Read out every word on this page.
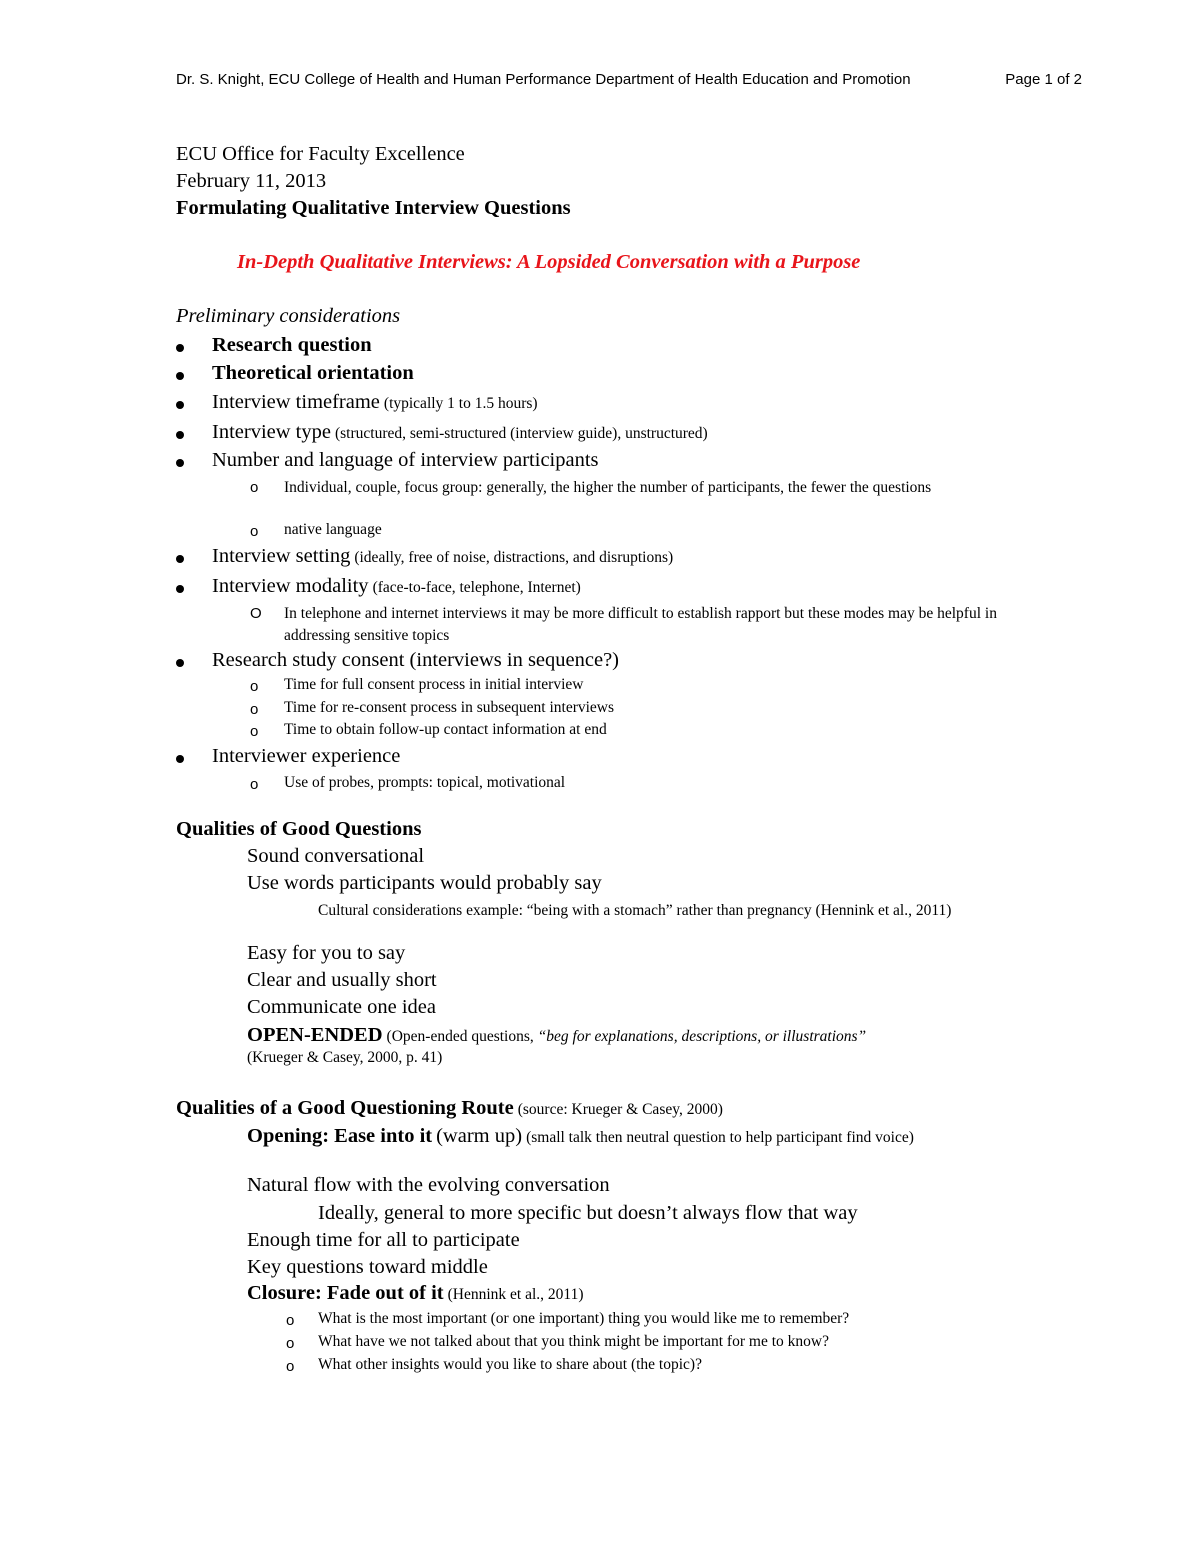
Dr. S. Knight, ECU College of Health and Human Performance Department of Health Education and Promotion	Page 1 of 2
ECU Office for Faculty Excellence
February 11, 2013
Formulating Qualitative Interview Questions
In-Depth Qualitative Interviews: A Lopsided Conversation with a Purpose
Preliminary considerations
Research question
Theoretical orientation
Interview timeframe (typically 1 to 1.5 hours)
Interview type (structured, semi-structured (interview guide), unstructured)
Number and language of interview participants
o Individual, couple, focus group: generally, the higher the number of participants, the fewer the questions
o native language
Interview setting (ideally, free of noise, distractions, and disruptions)
Interview modality (face-to-face, telephone, Internet)
O In telephone and internet interviews it may be more difficult to establish rapport but these modes may be helpful in addressing sensitive topics
Research study consent (interviews in sequence?)
o Time for full consent process in initial interview
o Time for re-consent process in subsequent interviews
o Time to obtain follow-up contact information at end
Interviewer experience
o Use of probes, prompts: topical, motivational
Qualities of Good Questions
Sound conversational
Use words participants would probably say
Cultural considerations example: “being with a stomach” rather than pregnancy (Hennink et al., 2011)
Easy for you to say
Clear and usually short
Communicate one idea
OPEN-ENDED (Open-ended questions, “beg for explanations, descriptions, or illustrations”
(Krueger & Casey, 2000, p. 41)
Qualities of a Good Questioning Route (source: Krueger & Casey, 2000)
Opening: Ease into it (warm up) (small talk then neutral question to help participant find voice)
Natural flow with the evolving conversation
Ideally, general to more specific but doesn’t always flow that way
Enough time for all to participate
Key questions toward middle
Closure: Fade out of it (Hennink et al., 2011)
o What is the most important (or one important) thing you would like me to remember?
o What have we not talked about that you think might be important for me to know?
o What other insights would you like to share about (the topic)?
